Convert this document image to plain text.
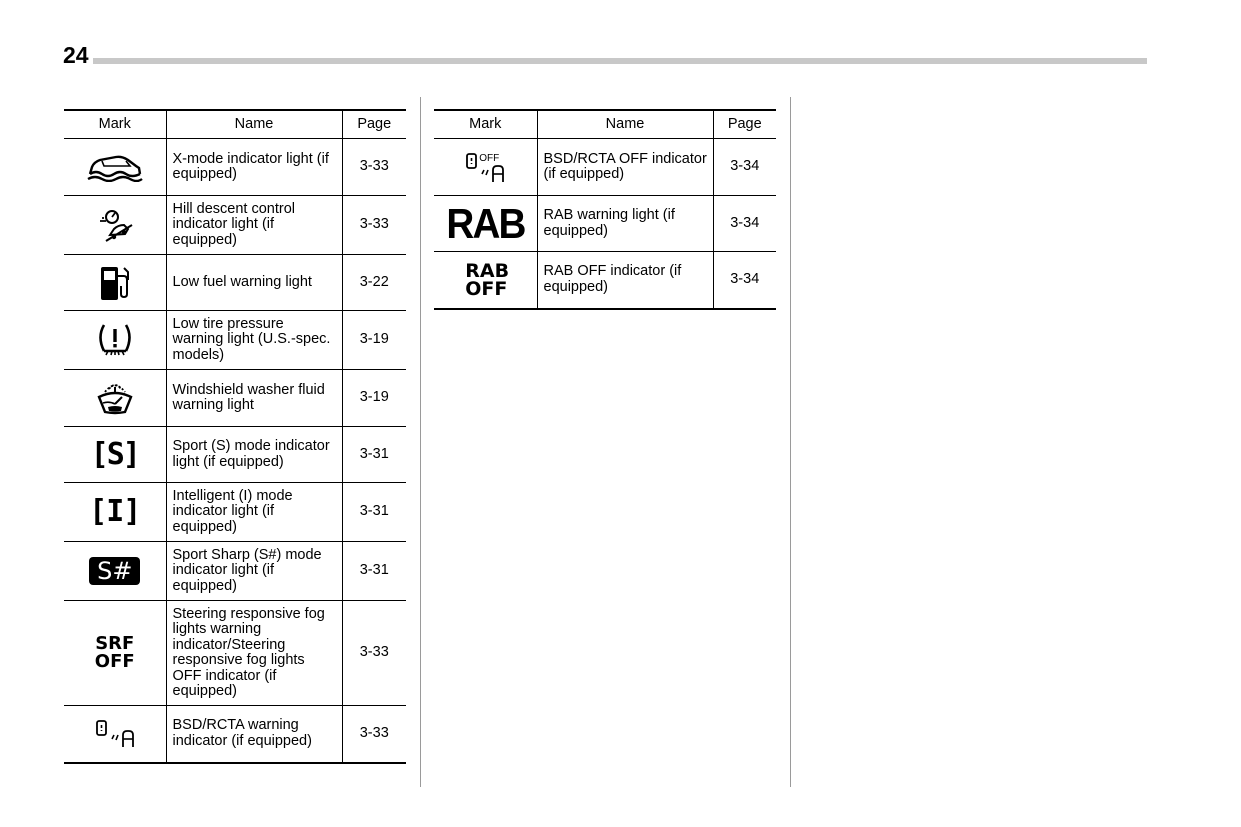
24
Mark	Name	Page

	X-mode indicator light (if equipped)	3-33

	Hill descent control indicator light (if equipped)	3-33

	Low fuel warning light	3-22

	Low tire pressure warning light (U.S.-spec. models)	3-19

	Windshield washer fluid warning light	3-19
[S]	Sport (S) mode indicator light (if equipped)	3-31
[I]	Intelligent (I) mode indicator light (if equipped)	3-31
S#	Sport Sharp (S#) mode indicator light (if equipped)	3-31
SRF
OFF	Steering responsive fog lights warning indicator/Steering responsive fog lights OFF indicator (if equipped)	3-33

	BSD/RCTA warning indicator (if equipped)	3-33
Mark	Name	Page

OFF	BSD/RCTA OFF indicator (if equipped)	3-34
RAB	RAB warning light (if equipped)	3-34
RAB
OFF	RAB OFF indicator (if equipped)	3-34
